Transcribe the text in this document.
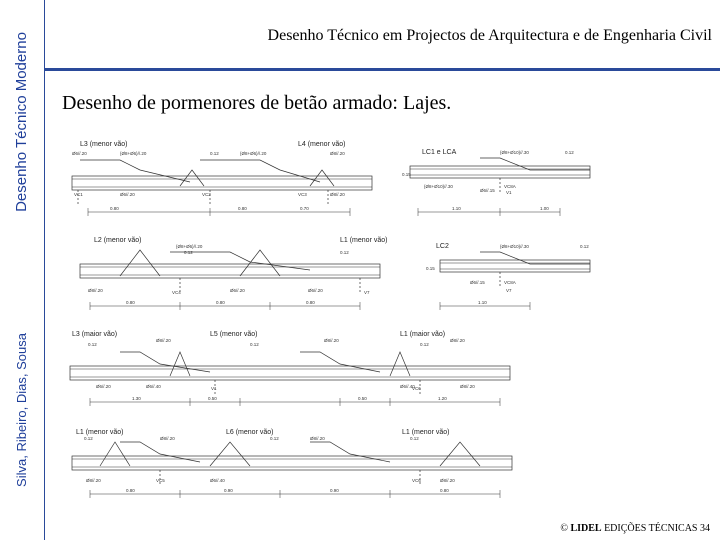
Desenho Técnico Moderno
Silva, Ribeiro, Dias, Sousa
Desenho Técnico em Projectos de Arquitectura e de Engenharia Civil
Desenho de pormenores de betão armado: Lajes.
L3 (menor vão)	L4 (menor vão)
Ø6//.20	{Ø8+Ø6}//.20	0.12	{Ø8+Ø6}//.20	Ø8//.20
Ø6//.20	Ø8//.20
VC1	VC2	VC3
0.80	0.80	0.70
LC1 e LCA	{Ø8+Ø10}//.30	0.12
0.15
{Ø8+Ø10}//.30
Ø6//.15
VC8A
V1
1.10	1.00
L2 (menor vão)	L1 (menor vão)
{Ø8+Ø6}//.20
0.12	0.12
Ø8//.20	Ø6//.20	Ø6//.20
VC4	V7
0.80	0.80	0.80
LC2	{Ø8+Ø10}//.30	0.12
0.15
Ø6//.15	VC8A
V7
1.10
L3 (maior vão)	L5 (menor vão)	L1 (maior vão)
0.12
Ø8//.20
0.12
Ø8//.20
0.12
Ø8//.20
Ø6//.20	Ø6//.40	Ø6//.40	Ø8//.20
V1	VC6
1.30	0.50	0.50	1.20
L1 (menor vão)	L6 (menor vão)	L1 (menor vão)
0.12	Ø8//.20	0.12	Ø8//.20	0.12
Ø8//.20	Ø6//.40	Ø8//.20
VC5	VC6
0.80	0.90	0.90	0.80
© LIDEL EDIÇÕES TÉCNICAS 34
